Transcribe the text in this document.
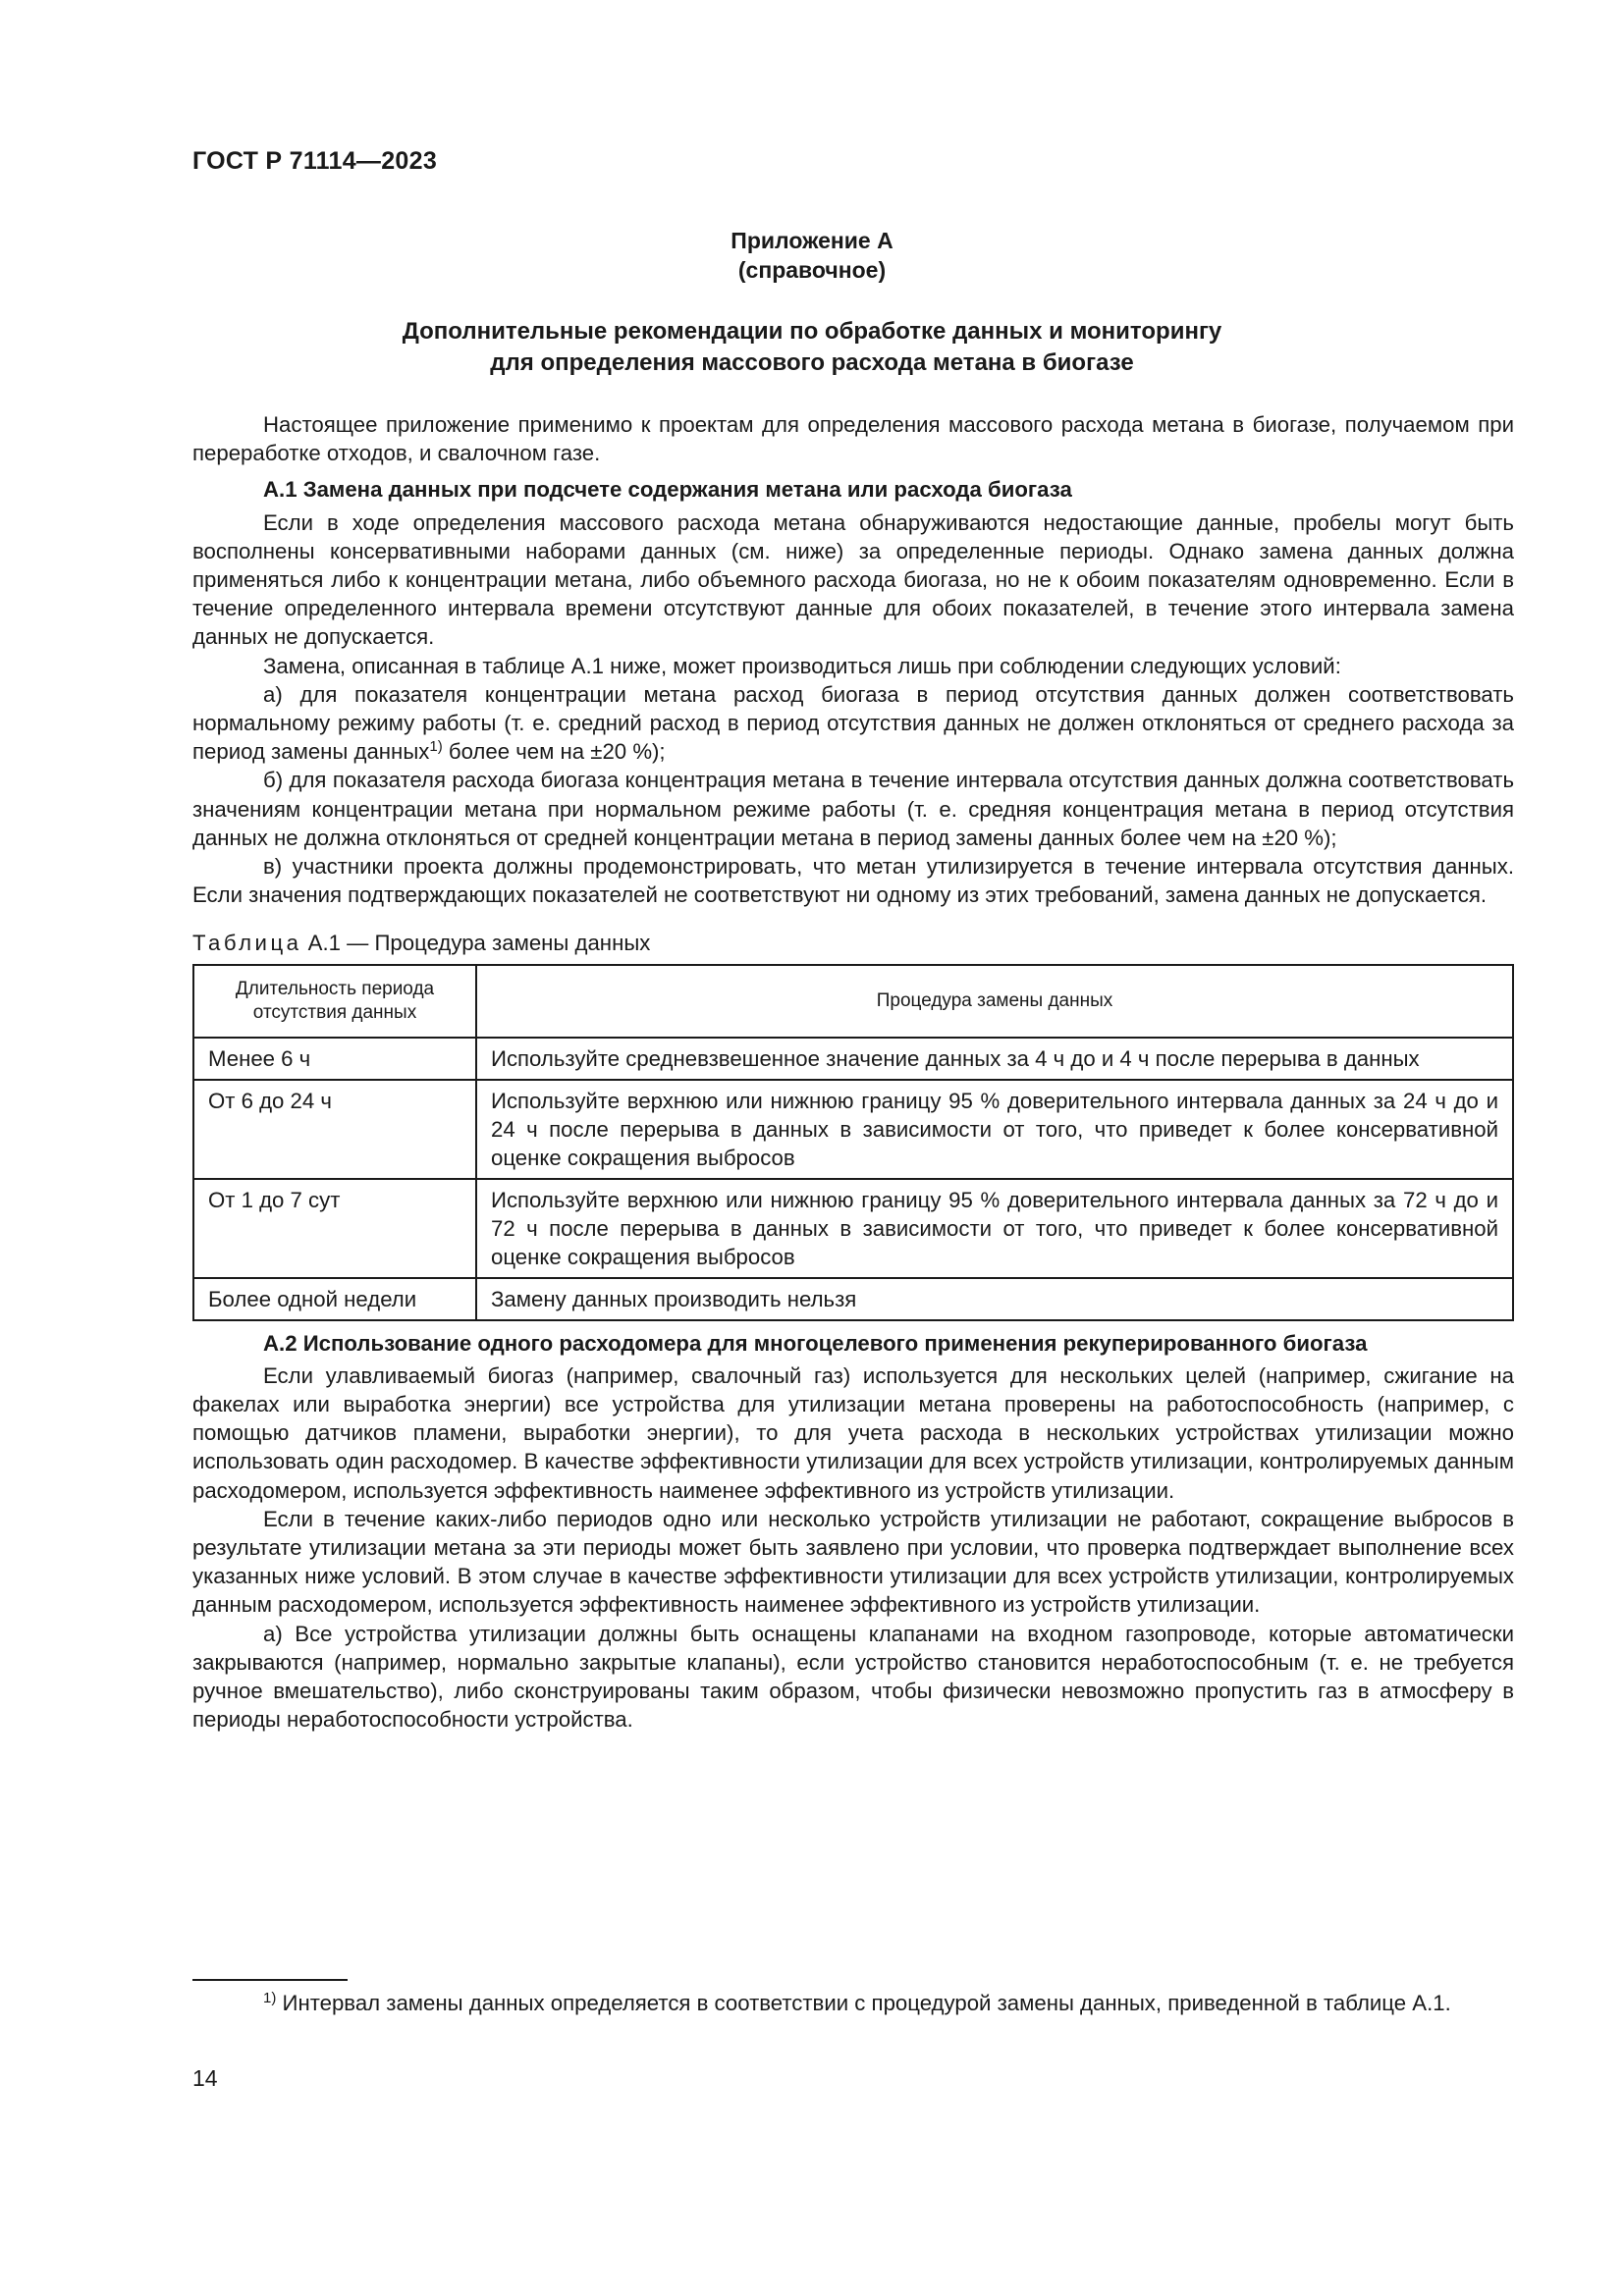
ГОСТ Р 71114—2023
Приложение А
(справочное)
Дополнительные рекомендации по обработке данных и мониторингу
для определения массового расхода метана в биогазе

Настоящее приложение применимо к проектам для определения массового расхода метана в биогазе, получаемом при переработке отходов, и свалочном газе.

А.1 Замена данных при подсчете содержания метана или расхода биогаза

Если в ходе определения массового расхода метана обнаруживаются недостающие данные, пробелы могут быть восполнены консервативными наборами данных (см. ниже) за определенные периоды. Однако замена данных должна применяться либо к концентрации метана, либо объемного расхода биогаза, но не к обоим показателям одновременно. Если в течение определенного интервала времени отсутствуют данные для обоих показателей, в течение этого интервала замена данных не допускается.

Замена, описанная в таблице А.1 ниже, может производиться лишь при соблюдении следующих условий:

а) для показателя концентрации метана расход биогаза в период отсутствия данных должен соответствовать нормальному режиму работы (т. е. средний расход в период отсутствия данных не должен отклоняться от среднего расхода за период замены данных$^{1)}$ более чем на ±20 %);

б) для показателя расхода биогаза концентрация метана в течение интервала отсутствия данных должна соответствовать значениям концентрации метана при нормальном режиме работы (т. е. средняя концентрация метана в период отсутствия данных не должна отклоняться от средней концентрации метана в период замены данных более чем на ±20 %);

в) участники проекта должны продемонстрировать, что метан утилизируется в течение интервала отсутствия данных. Если значения подтверждающих показателей не соответствуют ни одному из этих требований, замена данных не допускается.

Таблица А.1 — Процедура замены данных

Длительность периода отсутствия данных	Процедура замены данных
Менее 6 ч	Используйте средневзвешенное значение данных за 4 ч до и 4 ч после перерыва в данных
От 6 до 24 ч	Используйте верхнюю или нижнюю границу 95 % доверительного интервала данных за 24 ч до и 24 ч после перерыва в данных в зависимости от того, что приведет к более консервативной оценке сокращения выбросов
От 1 до 7 сут	Используйте верхнюю или нижнюю границу 95 % доверительного интервала данных за 72 ч до и 72 ч после перерыва в данных в зависимости от того, что приведет к более консервативной оценке сокращения выбросов
Более одной недели	Замену данных производить нельзя

А.2 Использование одного расходомера для многоцелевого применения рекуперированного биогаза

Если улавливаемый биогаз (например, свалочный газ) используется для нескольких целей (например, сжигание на факелах или выработка энергии) все устройства для утилизации метана проверены на работоспособность (например, с помощью датчиков пламени, выработки энергии), то для учета расхода в нескольких устройствах утилизации можно использовать один расходомер. В качестве эффективности утилизации для всех устройств утилизации, контролируемых данным расходомером, используется эффективность наименее эффективного из устройств утилизации.

Если в течение каких-либо периодов одно или несколько устройств утилизации не работают, сокращение выбросов в результате утилизации метана за эти периоды может быть заявлено при условии, что проверка подтверждает выполнение всех указанных ниже условий. В этом случае в качестве эффективности утилизации для всех устройств утилизации, контролируемых данным расходомером, используется эффективность наименее эффективного из устройств утилизации.

а) Все устройства утилизации должны быть оснащены клапанами на входном газопроводе, которые автоматически закрываются (например, нормально закрытые клапаны), если устройство становится неработоспособным (т. е. не требуется ручное вмешательство), либо сконструированы таким образом, чтобы физически невозможно пропустить газ в атмосферу в периоды неработоспособности устройства.

$^{1)}$ Интервал замены данных определяется в соответствии с процедурой замены данных, приведенной в таблице А.1.
14
